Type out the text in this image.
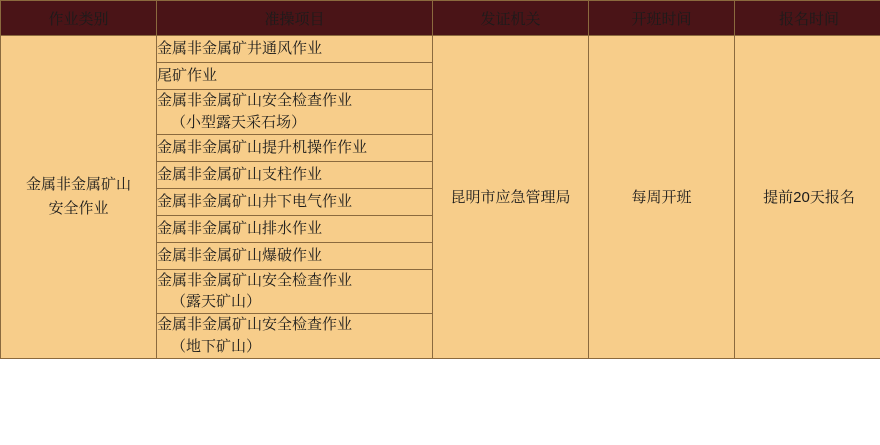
作业类别	准操项目	发证机关	开班时间	报名时间

金属非金属矿山
安全作业	金属非金属矿井通风作业	昆明市应急管理局	每周开班	提前20天报名
	尾矿作业			
	金属非金属矿山安全检查作业
（小型露天采石场）			

	金属非金属矿山提升机操作作业			
	金属非金属矿山支柱作业			
	金属非金属矿山井下电气作业			
	金属非金属矿山排水作业			
	金属非金属矿山爆破作业			
	金属非金属矿山安全检查作业
（露天矿山）			

	金属非金属矿山安全检查作业
（地下矿山）			
